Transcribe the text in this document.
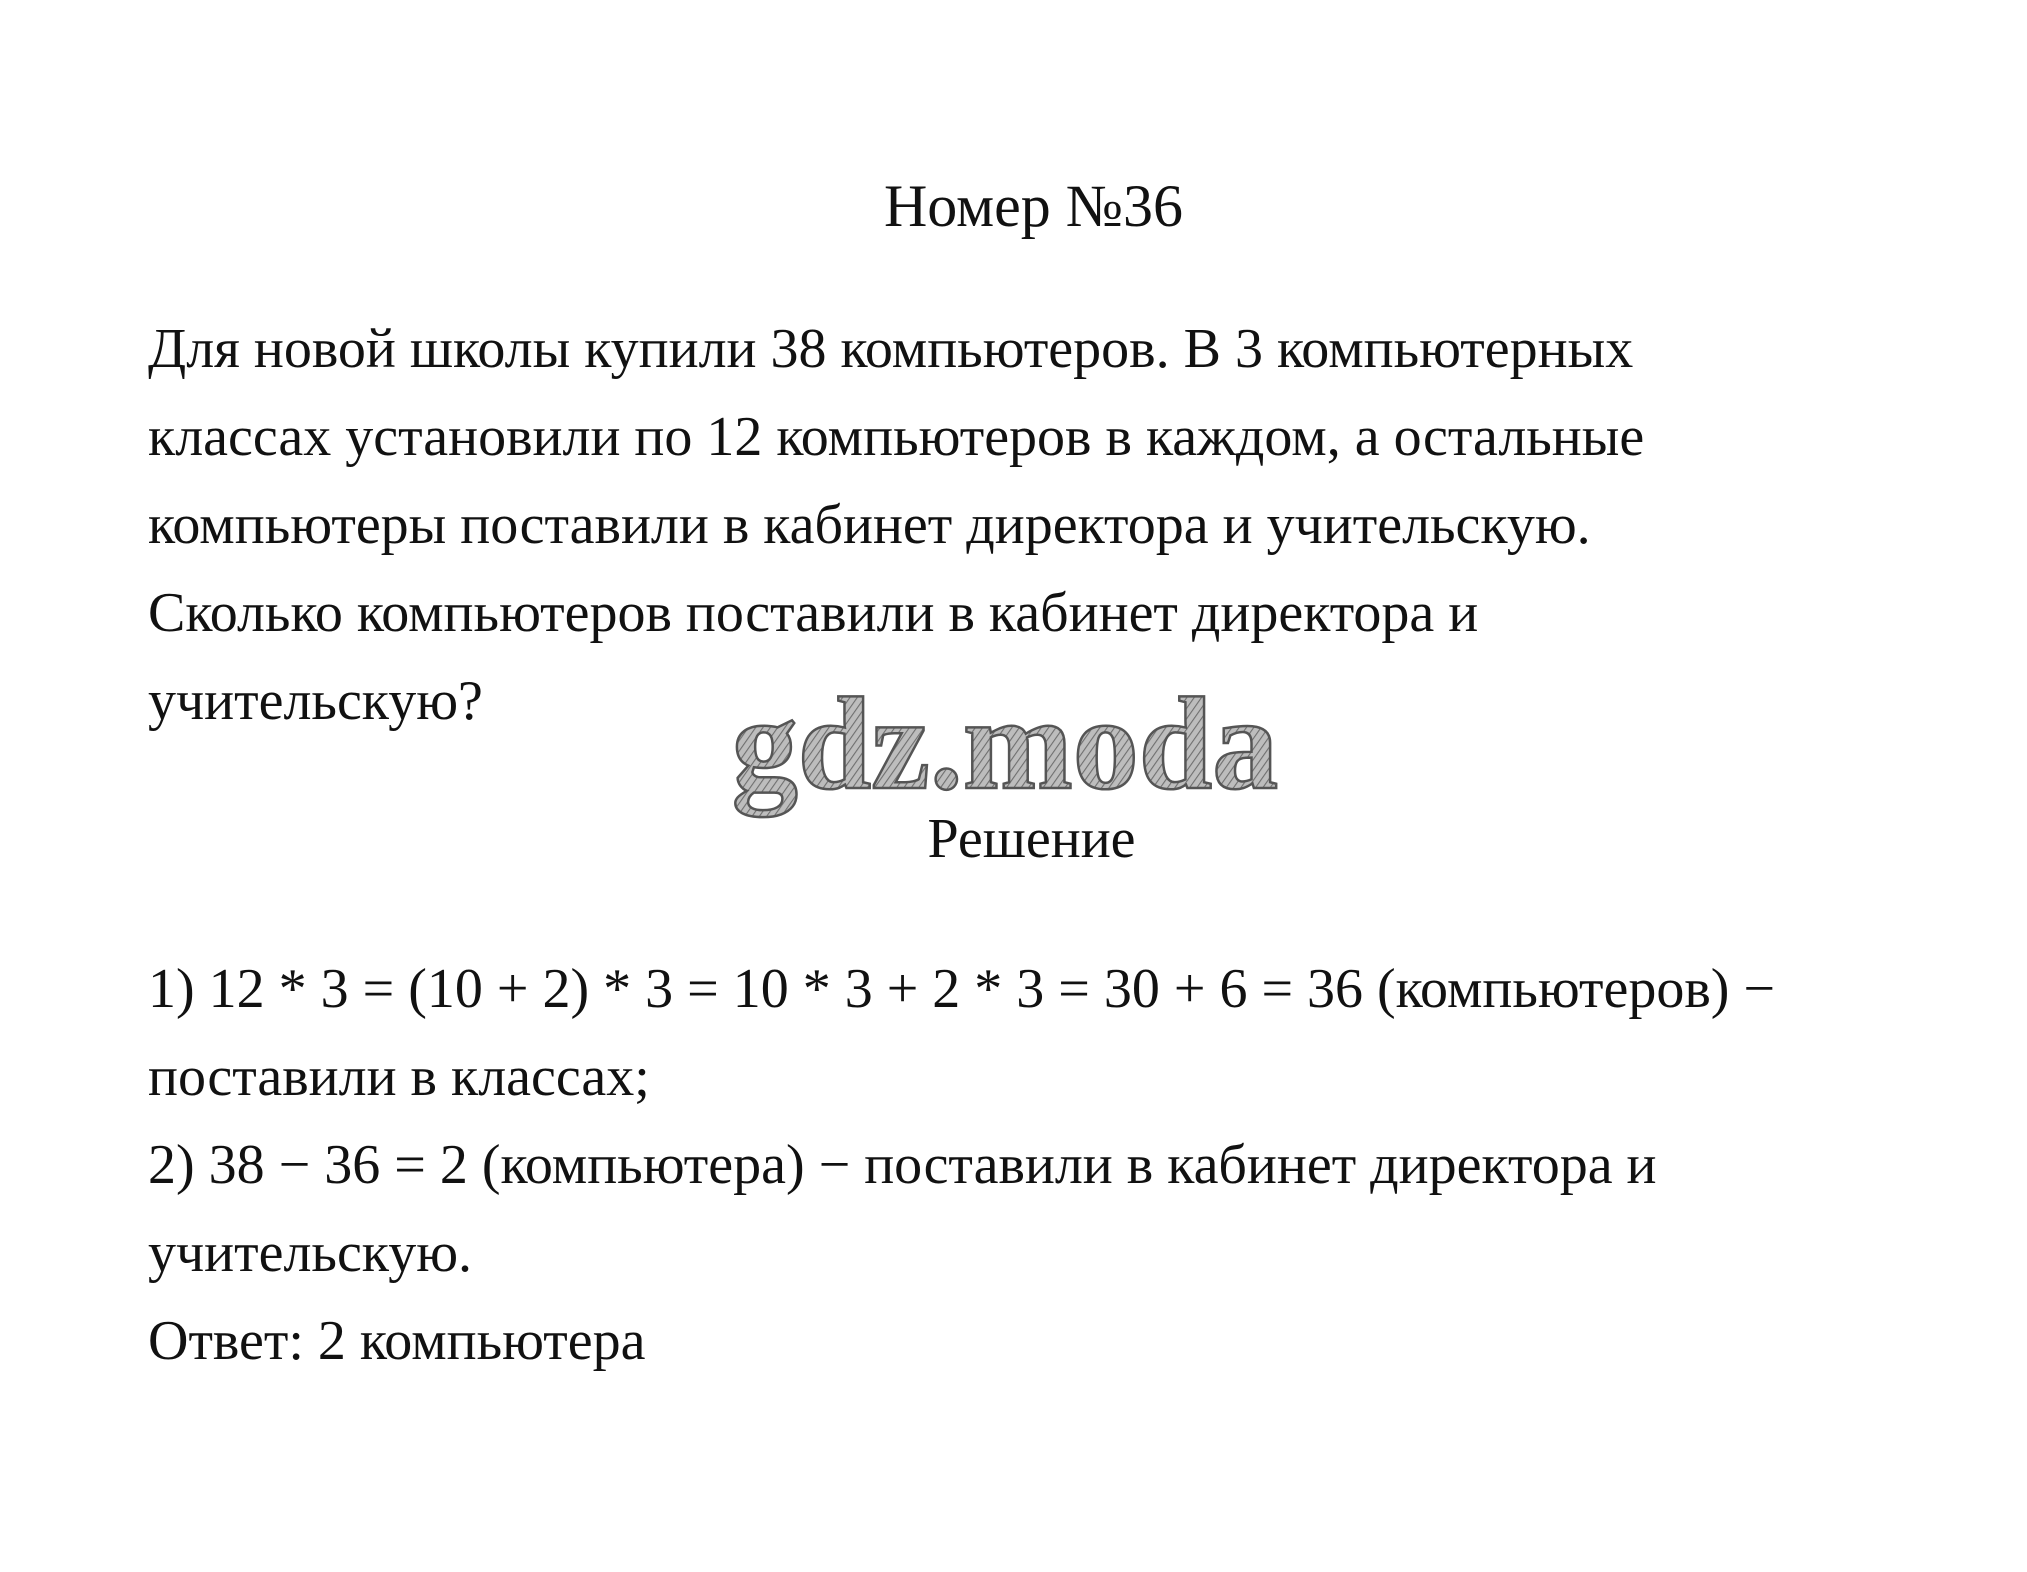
Номер №36
Для новой школы купили 38 компьютеров. В 3 компьютерных
классах установили по 12 компьютеров в каждом, а остальные
компьютеры поставили в кабинет директора и учительскую.
Сколько компьютеров поставили в кабинет директора и
учительскую?	gdz.moda
Решение
1) 12 * 3 = (10 + 2) * 3 = 10 * 3 + 2 * 3 = 30 + 6 = 36 (компьютеров) −
поставили в классах;
2) 38 − 36 = 2 (компьютера) − поставили в кабинет директора и
учительскую.
Ответ: 2 компьютера
